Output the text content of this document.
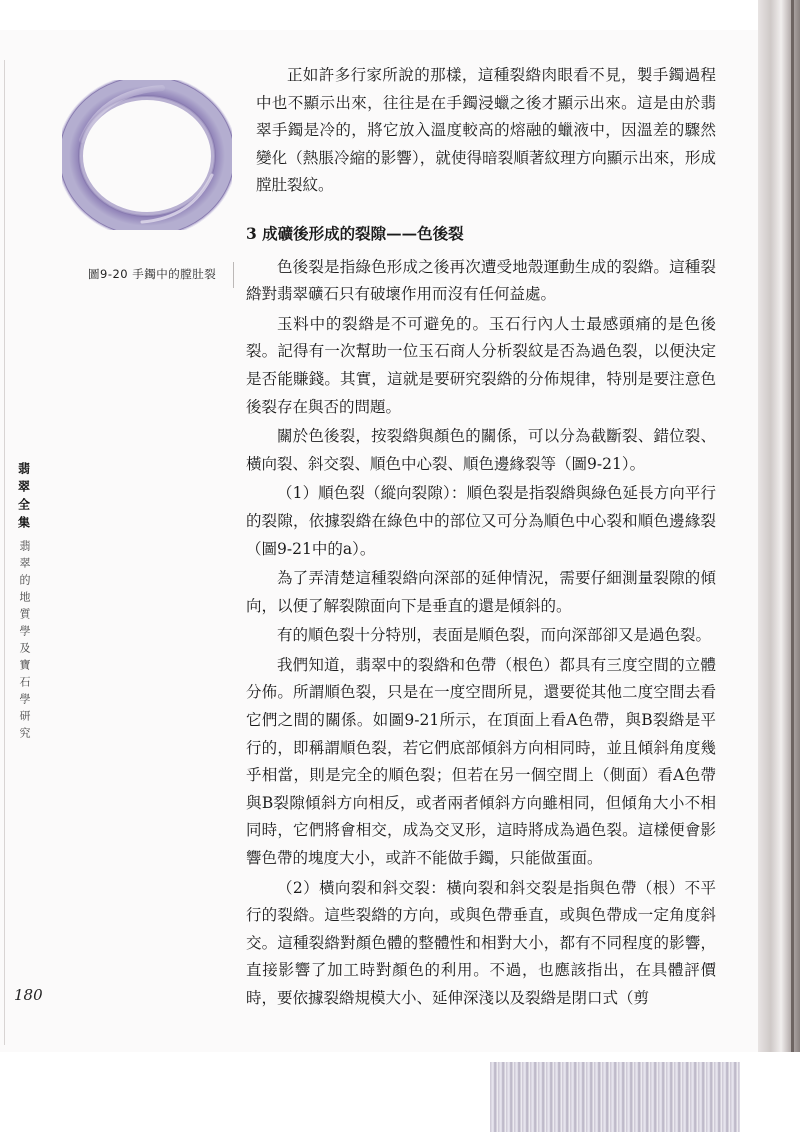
圖9-20 手鐲中的膛肚裂
翡翠全集
翡翠的地質學及寶石學研究
180

正如許多行家所說的那樣，這種裂綹肉眼看不見，製手鐲過程中也不顯示出來，往往是在手鐲浸蠟之後才顯示出來。這是由於翡翠手鐲是冷的，將它放入溫度較高的熔融的蠟液中，因溫差的驟然變化（熱脹冷縮的影響），就使得暗裂順著紋理方向顯示出來，形成膛肚裂紋。

3 成礦後形成的裂隙——色後裂

色後裂是指綠色形成之後再次遭受地殼運動生成的裂綹。這種裂綹對翡翠礦石只有破壞作用而沒有任何益處。

玉料中的裂綹是不可避免的。玉石行內人士最感頭痛的是色後裂。記得有一次幫助一位玉石商人分析裂紋是否為過色裂，以便決定是否能賺錢。其實，這就是要研究裂綹的分佈規律，特別是要注意色後裂存在與否的問題。

關於色後裂，按裂綹與顏色的關係，可以分為截斷裂、錯位裂、橫向裂、斜交裂、順色中心裂、順色邊緣裂等（圖9-21）。

（1）順色裂（縱向裂隙）：順色裂是指裂綹與綠色延長方向平行的裂隙，依據裂綹在綠色中的部位又可分為順色中心裂和順色邊緣裂（圖9-21中的a）。

為了弄清楚這種裂綹向深部的延伸情況，需要仔細測量裂隙的傾向，以便了解裂隙面向下是垂直的還是傾斜的。

有的順色裂十分特別，表面是順色裂，而向深部卻又是過色裂。

我們知道，翡翠中的裂綹和色帶（根色）都具有三度空間的立體分佈。所謂順色裂，只是在一度空間所見，還要從其他二度空間去看它們之間的關係。如圖9-21所示，在頂面上看A色帶，與B裂綹是平行的，即稱謂順色裂，若它們底部傾斜方向相同時，並且傾斜角度幾乎相當，則是完全的順色裂；但若在另一個空間上（側面）看A色帶與B裂隙傾斜方向相反，或者兩者傾斜方向雖相同，但傾角大小不相同時，它們將會相交，成為交叉形，這時將成為過色裂。這樣便會影響色帶的塊度大小，或許不能做手鐲，只能做蛋面。

（2）橫向裂和斜交裂：橫向裂和斜交裂是指與色帶（根）不平行的裂綹。這些裂綹的方向，或與色帶垂直，或與色帶成一定角度斜交。這種裂綹對顏色體的整體性和相對大小，都有不同程度的影響，直接影響了加工時對顏色的利用。不過，也應該指出，在具體評價時，要依據裂綹規模大小、延伸深淺以及裂綹是閉口式（剪
